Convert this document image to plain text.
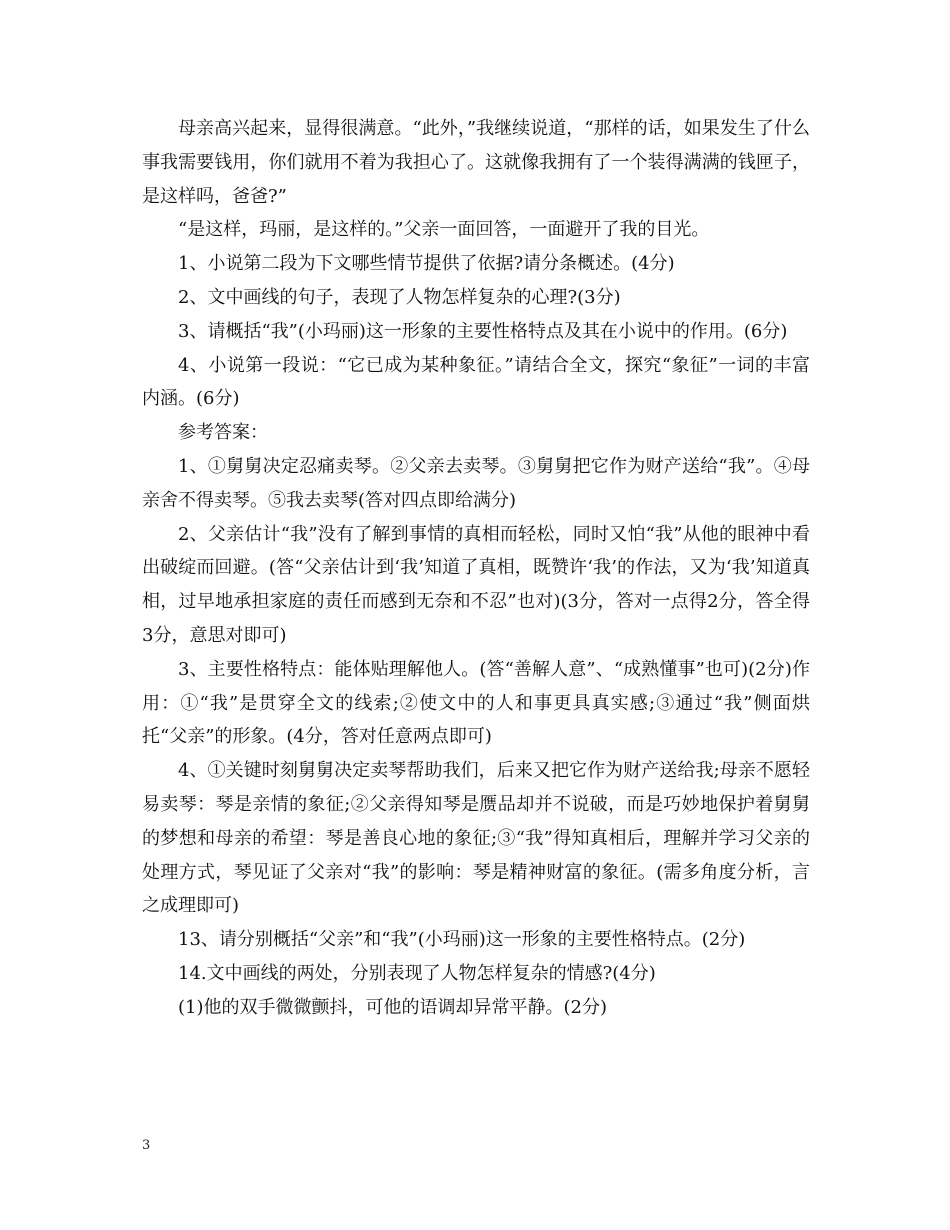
母亲高兴起来，显得很满意。“此外，”我继续说道，“那样的话，如果发生了什么事我需要钱用，你们就用不着为我担心了。这就像我拥有了一个装得满满的钱匣子，是这样吗，爸爸?”

“是这样，玛丽，是这样的。”父亲一面回答，一面避开了我的目光。

1、小说第二段为下文哪些情节提供了依据?请分条概述。(4分)

2、文中画线的句子，表现了人物怎样复杂的心理?(3分)

3、请概括“我”(小玛丽)这一形象的主要性格特点及其在小说中的作用。(6分)

4、小说第一段说：“它已成为某种象征。”请结合全文，探究“象征”一词的丰富内涵。(6分)

参考答案：

1、①舅舅决定忍痛卖琴。②父亲去卖琴。③舅舅把它作为财产送给“我”。④母亲舍不得卖琴。⑤我去卖琴(答对四点即给满分)

2、父亲估计“我”没有了解到事情的真相而轻松，同时又怕“我”从他的眼神中看出破绽而回避。(答“父亲估计到‘我’知道了真相，既赞许‘我’的作法，又为‘我’知道真相，过早地承担家庭的责任而感到无奈和不忍”也对)(3分，答对一点得2分，答全得3分，意思对即可)

3、主要性格特点：能体贴理解他人。(答“善解人意”、“成熟懂事”也可)(2分)作用：①“我”是贯穿全文的线索;②使文中的人和事更具真实感;③通过“我”侧面烘托“父亲”的形象。(4分，答对任意两点即可)

4、①关键时刻舅舅决定卖琴帮助我们，后来又把它作为财产送给我;母亲不愿轻易卖琴：琴是亲情的象征;②父亲得知琴是赝品却并不说破，而是巧妙地保护着舅舅的梦想和母亲的希望：琴是善良心地的象征;③“我”得知真相后，理解并学习父亲的处理方式，琴见证了父亲对“我”的影响：琴是精神财富的象征。(需多角度分析，言之成理即可)

13、请分别概括“父亲”和“我”(小玛丽)这一形象的主要性格特点。(2分)

14.文中画线的两处，分别表现了人物怎样复杂的情感?(4分)

(1)他的双手微微颤抖，可他的语调却异常平静。(2分)

3
